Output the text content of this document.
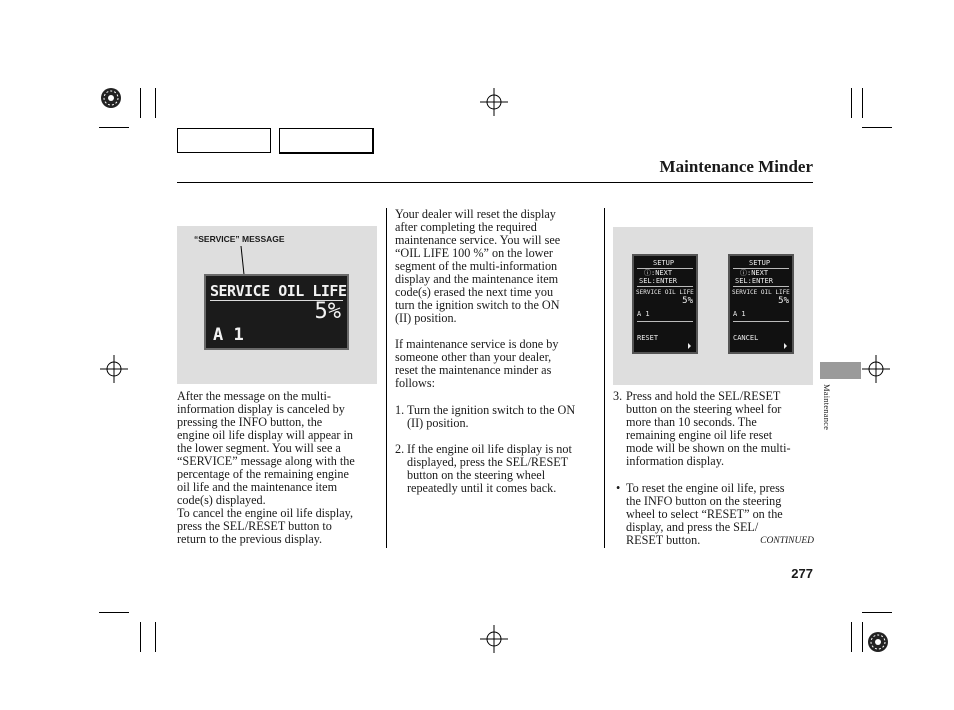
Maintenance Minder
Maintenance
“SERVICE” MESSAGE
SERVICE OIL LIFE
5%
A 1
SETUP
ⓘ:NEXT
SEL:ENTER
SERVICE OIL LIFE
5%
A 1
RESET
SETUP
ⓘ:NEXT
SEL:ENTER
SERVICE OIL LIFE
5%
A 1
CANCEL
After the message on the multi-
information display is canceled by
pressing the INFO button, the
engine oil life display will appear in
the lower segment. You will see a
“SERVICE” message along with the
percentage of the remaining engine
oil life and the maintenance item
code(s) displayed.
To cancel the engine oil life display,
press the SEL/RESET button to
return to the previous display.
Your dealer will reset the display
after completing the required
maintenance service. You will see
“OIL LIFE 100 %” on the lower
segment of the multi-information
display and the maintenance item
code(s) erased the next time you
turn the ignition switch to the ON
(II) position.
If maintenance service is done by
someone other than your dealer,
reset the maintenance minder as
follows:
1. Turn the ignition switch to the ON
(II) position.
2. If the engine oil life display is not
displayed, press the SEL/RESET
button on the steering wheel
repeatedly until it comes back.
3. Press and hold the SEL/RESET
button on the steering wheel for
more than 10 seconds. The
remaining engine oil life reset
mode will be shown on the multi-
information display.
• To reset the engine oil life, press
the INFO button on the steering
wheel to select “RESET” on the
display, and press the SEL/
RESET button.	CONTINUED
277
